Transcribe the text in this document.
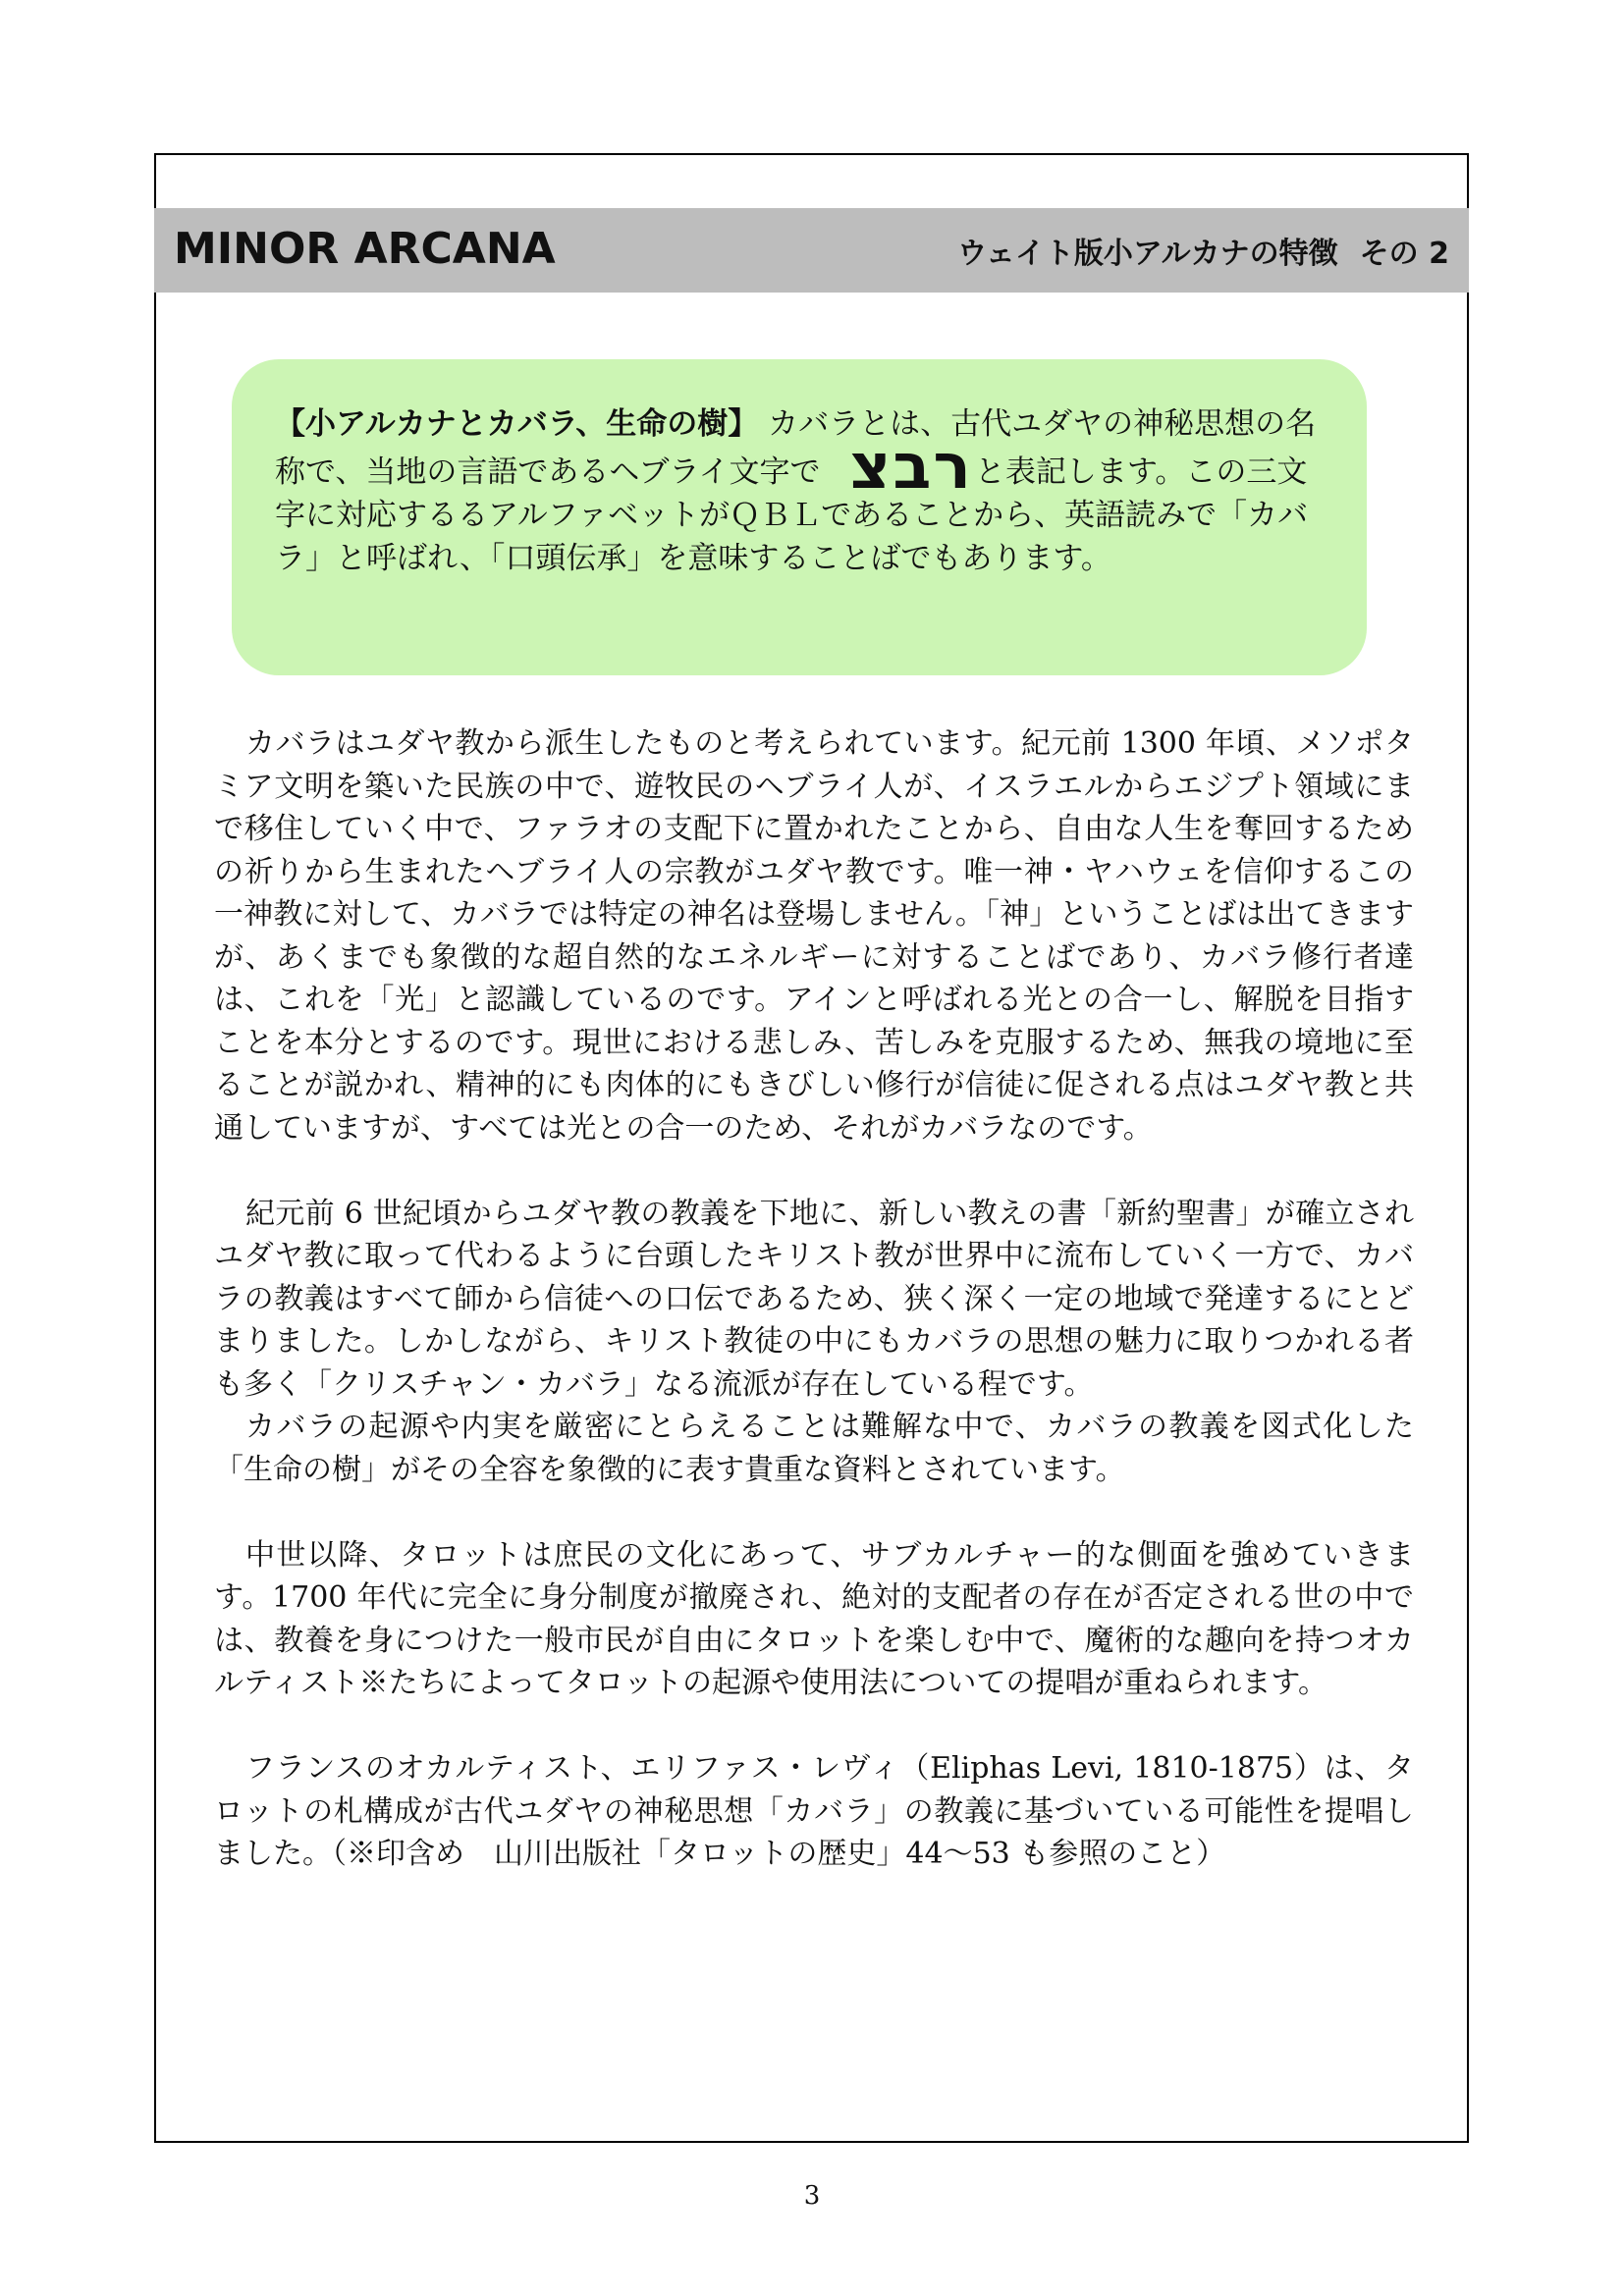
MINOR ARCANA	ウェイト版小アルカナの特徴 その 2

【小アルカナとカバラ、生命の樹】 カバラとは、古代ユダヤの神秘思想の名称で、当地の言語であるヘブライ文字で רבצと表記します。この三文字に対応するるアルファベットがＱＢＬであることから、英語読みで「カバラ」と呼ばれ、「口頭伝承」を意味することばでもあります。

カバラはユダヤ教から派生したものと考えられています。紀元前 1300 年頃、メソポタミア文明を築いた民族の中で、遊牧民のヘブライ人が、イスラエルからエジプト領域にまで移住していく中で、ファラオの支配下に置かれたことから、自由な人生を奪回するための祈りから生まれたヘブライ人の宗教がユダヤ教です。唯一神・ヤハウェを信仰するこの一神教に対して、カバラでは特定の神名は登場しません。「神」ということばは出てきますが、あくまでも象徴的な超自然的なエネルギーに対することばであり、カバラ修行者達は、これを「光」と認識しているのです。アインと呼ばれる光との合一し、解脱を目指すことを本分とするのです。現世における悲しみ、苦しみを克服するため、無我の境地に至ることが説かれ、精神的にも肉体的にもきびしい修行が信徒に促される点はユダヤ教と共通していますが、すべては光との合一のため、それがカバラなのです。

紀元前 6 世紀頃からユダヤ教の教義を下地に、新しい教えの書「新約聖書」が確立されユダヤ教に取って代わるように台頭したキリスト教が世界中に流布していく一方で、カバラの教義はすべて師から信徒への口伝であるため、狭く深く一定の地域で発達するにとどまりました。しかしながら、キリスト教徒の中にもカバラの思想の魅力に取りつかれる者も多く「クリスチャン・カバラ」なる流派が存在している程です。

カバラの起源や内実を厳密にとらえることは難解な中で、カバラの教義を図式化した「生命の樹」がその全容を象徴的に表す貴重な資料とされています。

中世以降、タロットは庶民の文化にあって、サブカルチャー的な側面を強めていきます。1700 年代に完全に身分制度が撤廃され、絶対的支配者の存在が否定される世の中では、教養を身につけた一般市民が自由にタロットを楽しむ中で、魔術的な趣向を持つオカルティスト※たちによってタロットの起源や使用法についての提唱が重ねられます。

フランスのオカルティスト、エリファス・レヴィ（Eliphas Levi, 1810-1875）は、タロットの札構成が古代ユダヤの神秘思想「カバラ」の教義に基づいている可能性を提唱しました。（※印含め　山川出版社「タロットの歴史」44～53 も参照のこと）

3
